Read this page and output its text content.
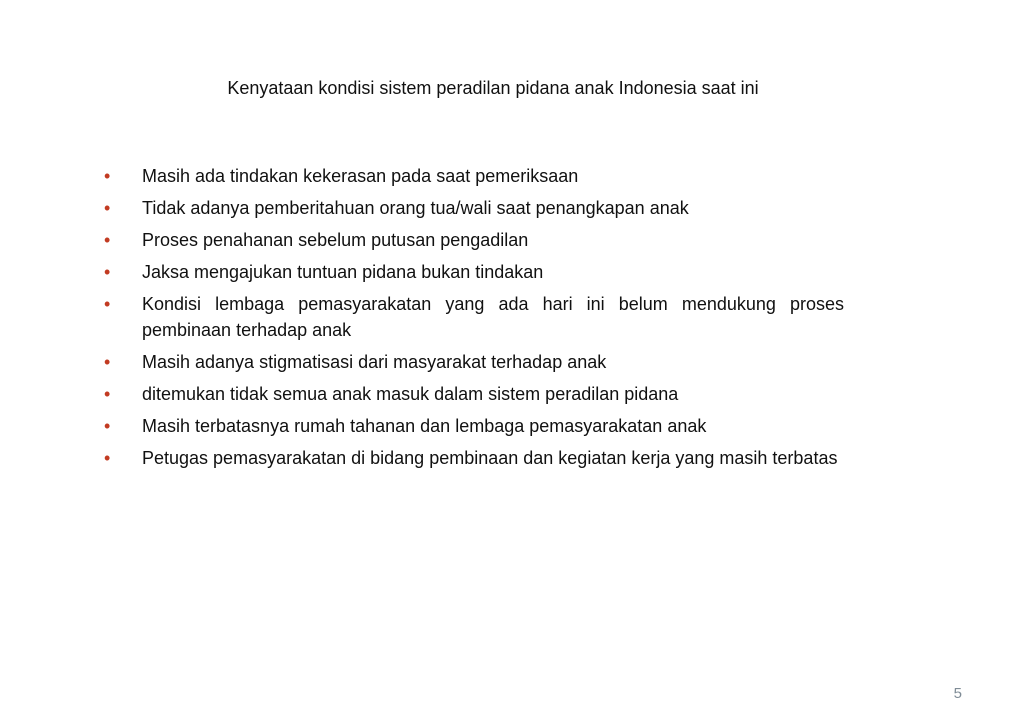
Kenyataan kondisi sistem peradilan pidana anak Indonesia saat ini
•	Masih ada tindakan kekerasan pada saat pemeriksaan
•	Tidak adanya pemberitahuan orang tua/wali saat penangkapan anak
•	Proses penahanan sebelum putusan pengadilan
•	Jaksa mengajukan tuntuan pidana bukan tindakan
•	Kondisi lembaga pemasyarakatan yang ada hari ini belum mendukung proses pembinaan terhadap anak
•	Masih adanya stigmatisasi dari masyarakat terhadap anak
•	ditemukan tidak semua anak masuk dalam sistem peradilan pidana
•	Masih terbatasnya rumah tahanan dan lembaga pemasyarakatan anak
•	Petugas pemasyarakatan di bidang pembinaan dan kegiatan kerja yang masih terbatas
5
